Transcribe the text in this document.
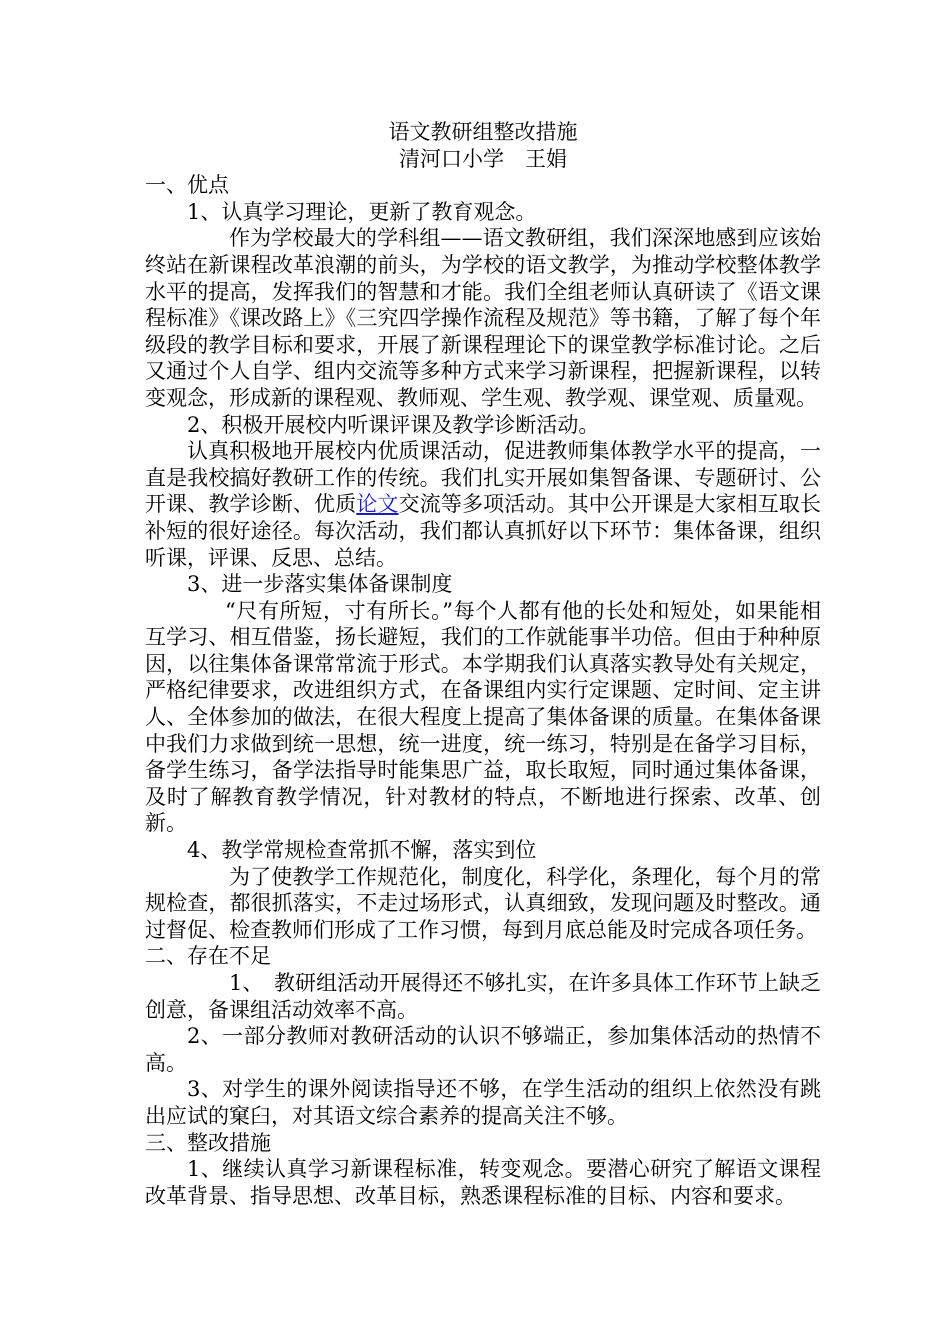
语文教研组整改措施

清河口小学　王娟

一、优点

1、认真学习理论，更新了教育观念。

作为学校最大的学科组——语文教研组，我们深深地感到应该始终站在新课程改革浪潮的前头，为学校的语文教学，为推动学校整体教学水平的提高，发挥我们的智慧和才能。我们全组老师认真研读了《语文课程标准》《课改路上》《三究四学操作流程及规范》等书籍，了解了每个年级段的教学目标和要求，开展了新课程理论下的课堂教学标准讨论。之后又通过个人自学、组内交流等多种方式来学习新课程，把握新课程，以转变观念，形成新的课程观、教师观、学生观、教学观、课堂观、质量观。

2、积极开展校内听课评课及教学诊断活动。

认真积极地开展校内优质课活动，促进教师集体教学水平的提高，一直是我校搞好教研工作的传统。我们扎实开展如集智备课、专题研讨、公开课、教学诊断、优质论文交流等多项活动。其中公开课是大家相互取长补短的很好途径。每次活动，我们都认真抓好以下环节：集体备课，组织听课，评课、反思、总结。

3、进一步落实集体备课制度

“尺有所短，寸有所长。”每个人都有他的长处和短处，如果能相互学习、相互借鉴，扬长避短，我们的工作就能事半功倍。但由于种种原因，以往集体备课常常流于形式。本学期我们认真落实教导处有关规定，严格纪律要求，改进组织方式，在备课组内实行定课题、定时间、定主讲人、全体参加的做法，在很大程度上提高了集体备课的质量。在集体备课中我们力求做到统一思想，统一进度，统一练习，特别是在备学习目标，备学生练习，备学法指导时能集思广益，取长取短，同时通过集体备课，及时了解教育教学情况，针对教材的特点，不断地进行探索、改革、创新。

4、教学常规检查常抓不懈，落实到位

为了使教学工作规范化，制度化，科学化，条理化，每个月的常规检查，都很抓落实，不走过场形式，认真细致，发现问题及时整改。通过督促、检查教师们形成了工作习惯，每到月底总能及时完成各项任务。

二、存在不足

1、　教研组活动开展得还不够扎实，在许多具体工作环节上缺乏创意，备课组活动效率不高。

2、一部分教师对教研活动的认识不够端正，参加集体活动的热情不高。

3、对学生的课外阅读指导还不够，在学生活动的组织上依然没有跳出应试的窠臼，对其语文综合素养的提高关注不够。

三、整改措施

1、继续认真学习新课程标准，转变观念。要潜心研究了解语文课程改革背景、指导思想、改革目标，熟悉课程标准的目标、内容和要求。
